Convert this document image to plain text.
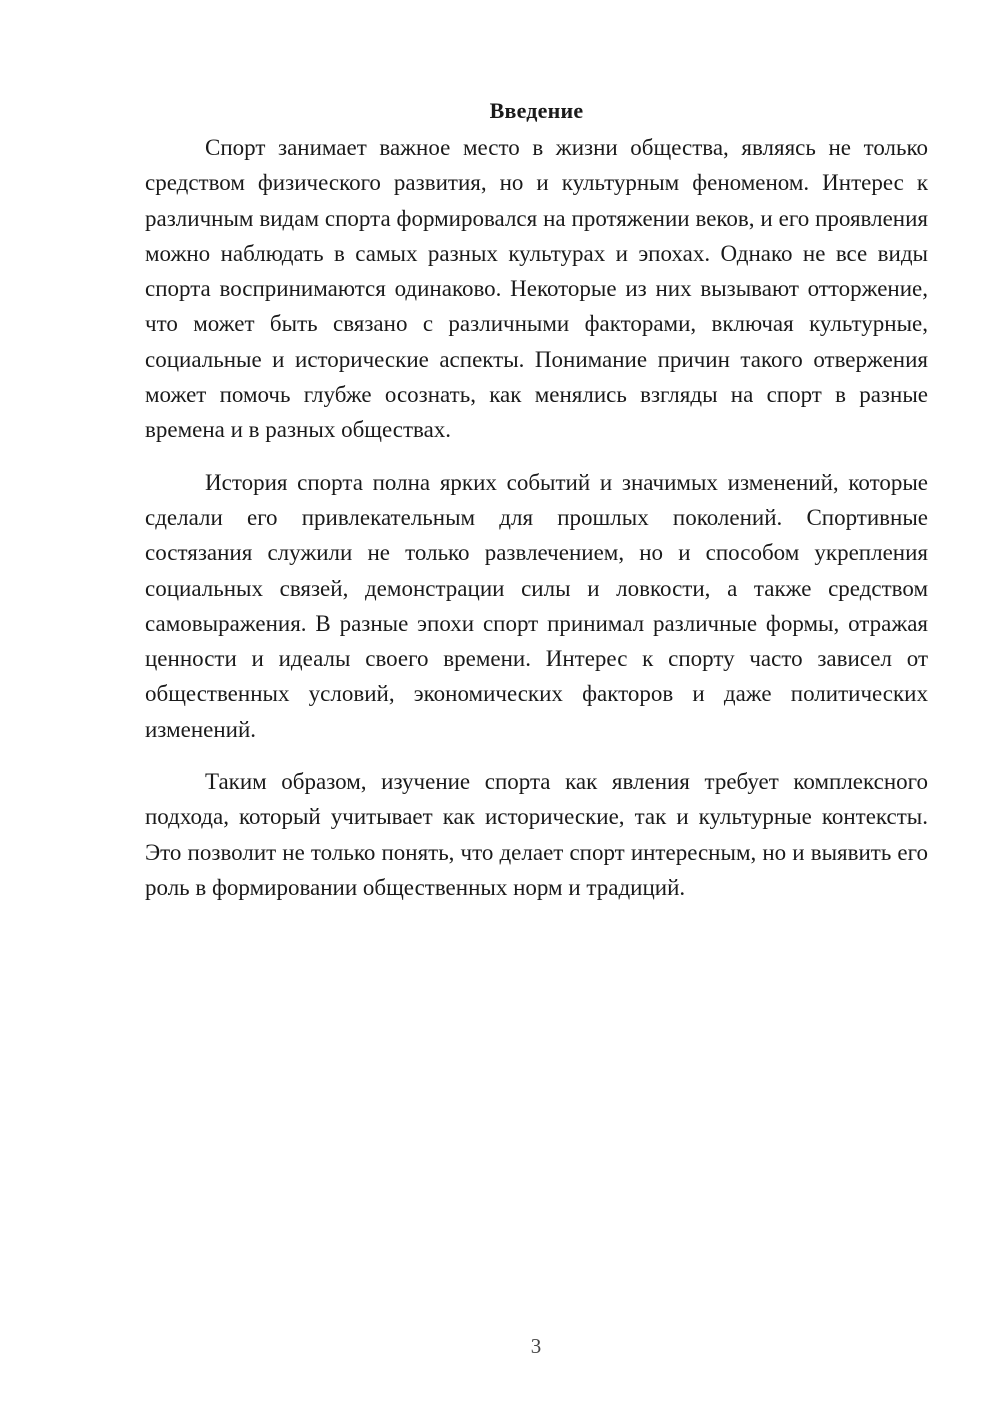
Введение

Спорт занимает важное место в жизни общества, являясь не только средством физического развития, но и культурным феноменом. Интерес к различным видам спорта формировался на протяжении веков, и его проявления можно наблюдать в самых разных культурах и эпохах. Однако не все виды спорта воспринимаются одинаково. Некоторые из них вызывают отторжение, что может быть связано с различными факторами, включая культурные, социальные и исторические аспекты. Понимание причин такого отвержения может помочь глубже осознать, как менялись взгляды на спорт в разные времена и в разных обществах.

История спорта полна ярких событий и значимых изменений, которые сделали его привлекательным для прошлых поколений. Спортивные состязания служили не только развлечением, но и способом укрепления социальных связей, демонстрации силы и ловкости, а также средством самовыражения. В разные эпохи спорт принимал различные формы, отражая ценности и идеалы своего времени. Интерес к спорту часто зависел от общественных условий, экономических факторов и даже политических изменений.

Таким образом, изучение спорта как явления требует комплексного подхода, который учитывает как исторические, так и культурные контексты. Это позволит не только понять, что делает спорт интересным, но и выявить его роль в формировании общественных норм и традиций.

3
